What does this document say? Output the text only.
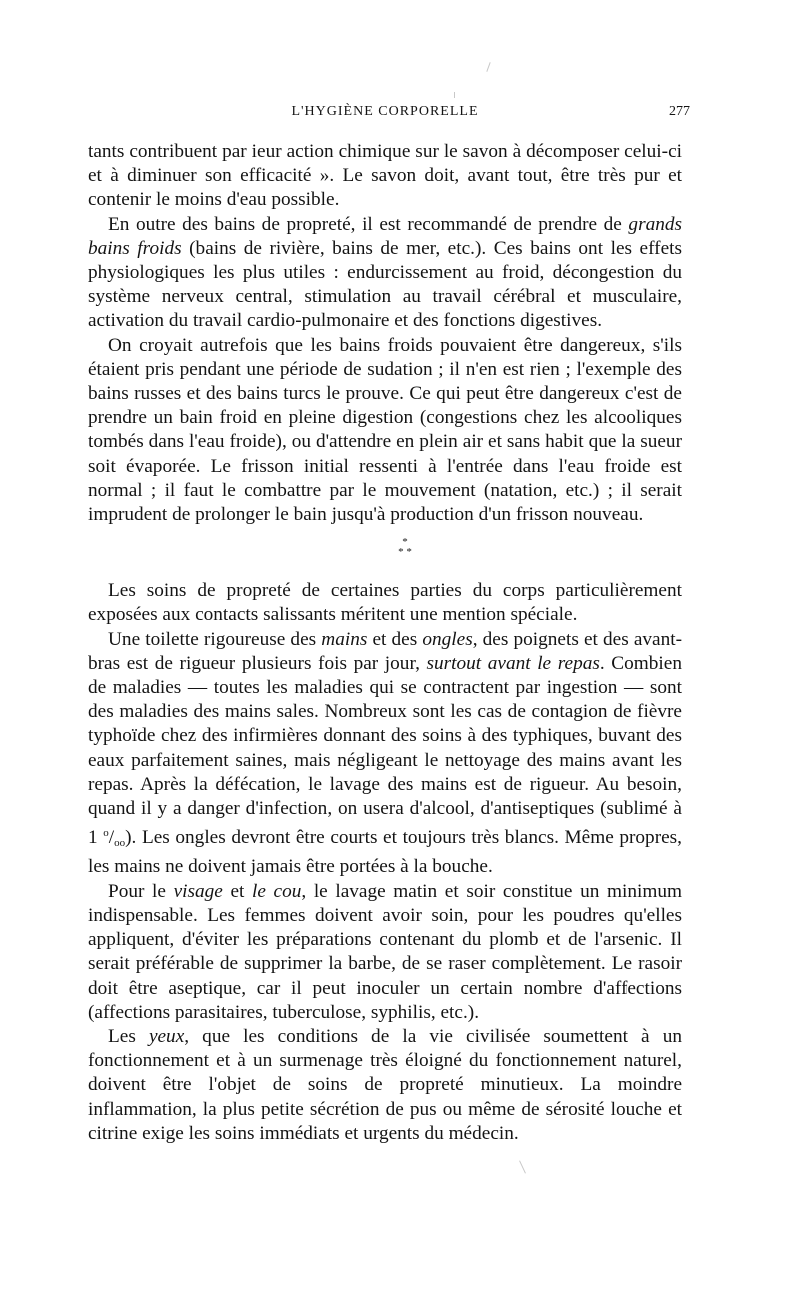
L'HYGIÈNE CORPORELLE	277

tants contribuent par ieur action chimique sur le savon à décomposer celui-ci et à diminuer son efficacité ». Le savon doit, avant tout, être très pur et contenir le moins d'eau possible.

En outre des bains de propreté, il est recommandé de prendre de grands bains froids (bains de rivière, bains de mer, etc.). Ces bains ont les effets physiologiques les plus utiles : endurcissement au froid, décongestion du système nerveux central, stimulation au travail cérébral et musculaire, activation du travail cardio-pulmonaire et des fonctions digestives.

On croyait autrefois que les bains froids pouvaient être dangereux, s'ils étaient pris pendant une période de sudation ; il n'en est rien ; l'exemple des bains russes et des bains turcs le prouve. Ce qui peut être dangereux c'est de prendre un bain froid en pleine digestion (congestions chez les alcooliques tombés dans l'eau froide), ou d'attendre en plein air et sans habit que la sueur soit évaporée. Le frisson initial ressenti à l'entrée dans l'eau froide est normal ; il faut le combattre par le mouvement (natation, etc.) ; il serait imprudent de prolonger le bain jusqu'à production d'un frisson nouveau.

*
* *

Les soins de propreté de certaines parties du corps particulièrement exposées aux contacts salissants méritent une mention spéciale.

Une toilette rigoureuse des mains et des ongles, des poignets et des avant-bras est de rigueur plusieurs fois par jour, surtout avant le repas. Combien de maladies — toutes les maladies qui se contractent par ingestion — sont des maladies des mains sales. Nombreux sont les cas de contagion de fièvre typhoïde chez des infirmières donnant des soins à des typhiques, buvant des eaux parfaitement saines, mais négligeant le nettoyage des mains avant les repas. Après la défécation, le lavage des mains est de rigueur. Au besoin, quand il y a danger d'infection, on usera d'alcool, d'antiseptiques (sublimé à 1 $^o/_{oo}$). Les ongles devront être courts et toujours très blancs. Même propres, les mains ne doivent jamais être portées à la bouche.

Pour le visage et le cou, le lavage matin et soir constitue un minimum indispensable. Les femmes doivent avoir soin, pour les poudres qu'elles appliquent, d'éviter les préparations contenant du plomb et de l'arsenic. Il serait préférable de supprimer la barbe, de se raser complètement. Le rasoir doit être aseptique, car il peut inoculer un certain nombre d'affections (affections parasitaires, tuberculose, syphilis, etc.).

Les yeux, que les conditions de la vie civilisée soumettent à un fonctionnement et à un surmenage très éloigné du fonctionnement naturel, doivent être l'objet de soins de propreté minutieux. La moindre inflammation, la plus petite sécrétion de pus ou même de sérosité louche et citrine exige les soins immédiats et urgents du médecin.
